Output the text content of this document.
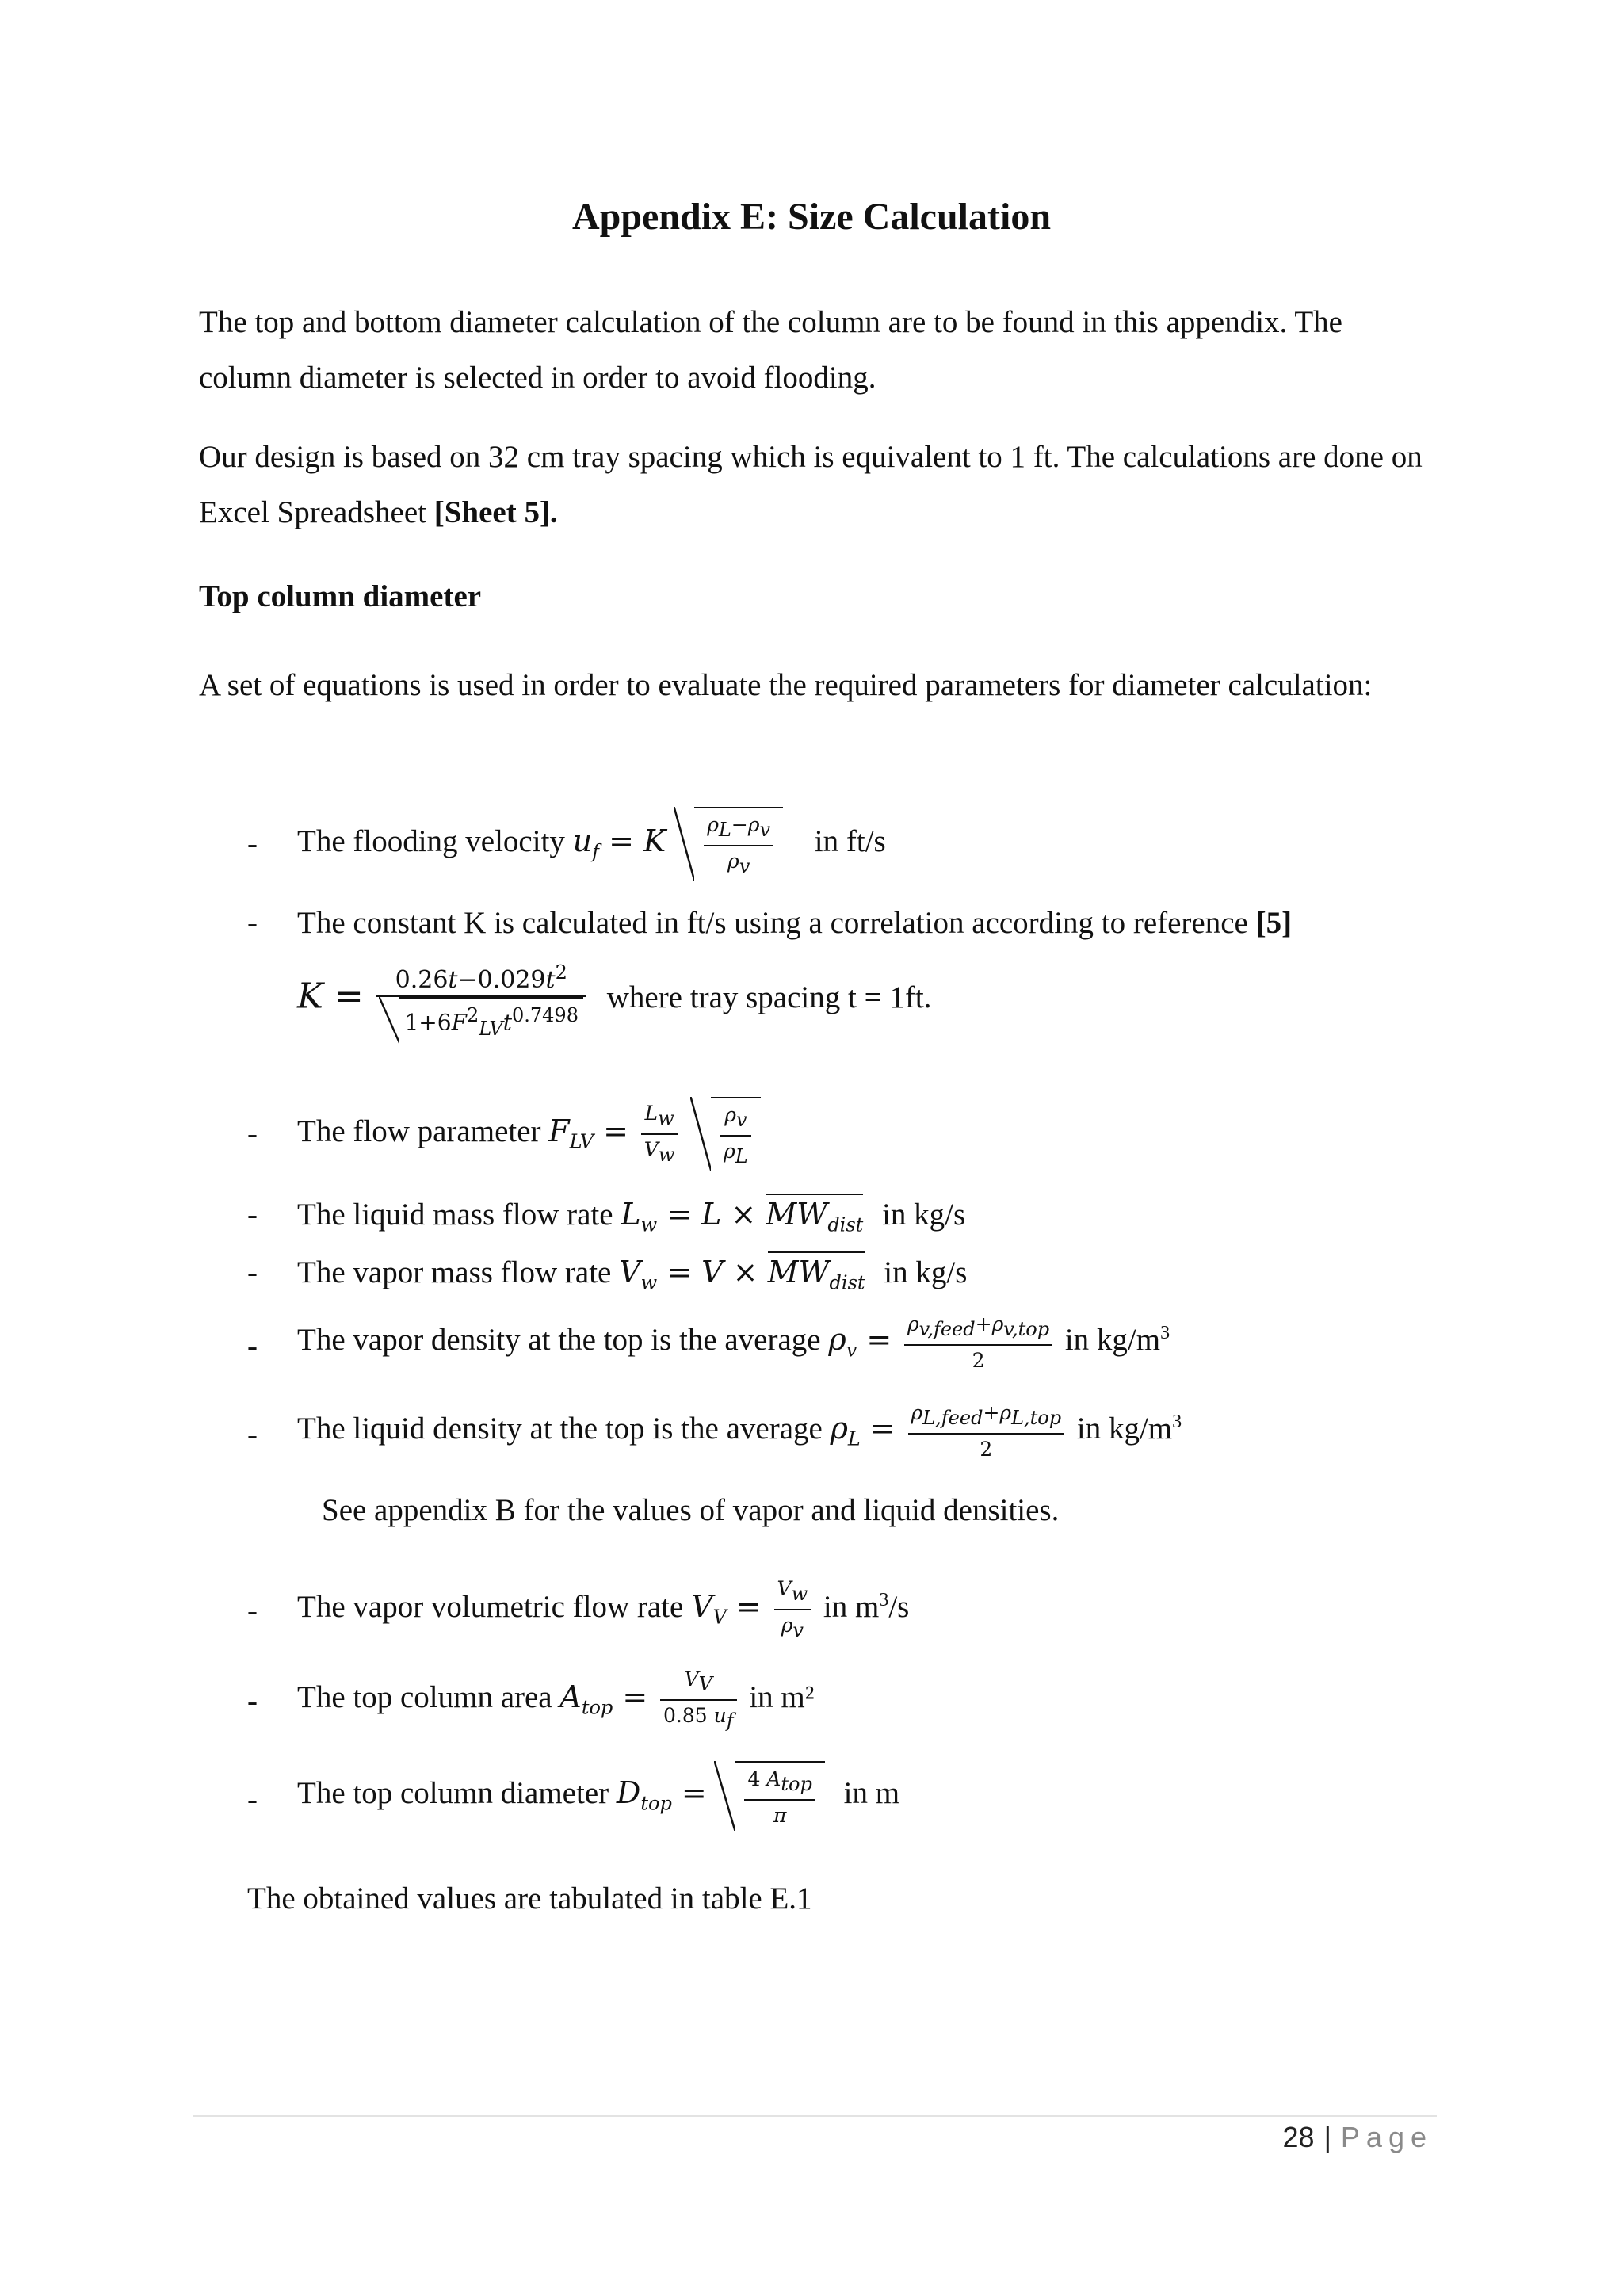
Appendix E: Size Calculation
The top and bottom diameter calculation of the column are to be found in this appendix. The column diameter is selected in order to avoid flooding.
Our design is based on 32 cm tray spacing which is equivalent to 1 ft. The calculations are done on Excel Spreadsheet [Sheet 5].
Top column diameter
A set of equations is used in order to evaluate the required parameters for diameter calculation:
- The flooding velocity $u_f = K \frac{\rho_L-\rho_v}{\rho_v}$ in ft/s
- The constant K is calculated in ft/s using a correlation according to reference [5]
$K = \frac{0.26t-0.029t^2}{1+6F^2_{LV}t^{0.7498}}$ where tray spacing t = 1ft.
- The flow parameter $F_{LV} = \frac{L_w}{V_w}$
$\frac{\rho_v}{\rho_L}$
- The liquid mass flow rate $L_w = L \times MW_{dist}$ in kg/s
- The vapor mass flow rate $V_w = V \times MW_{dist}$ in kg/s
- The vapor density at the top is the average $\rho_v = \frac{\rho_{v,feed}+\rho_{v,top}}{2}$ in $kg/m^3$
- The liquid density at the top is the average $\rho_L = \frac{\rho_{L,feed}+\rho_{L,top}}{2}$ in $kg/m^3$
See appendix B for the values of vapor and liquid densities.
- The vapor volumetric flow rate $V_V = \frac{V_w}{\rho_v}$ in $m^3/s$
- The top column area $A_{top} = \frac{V_V}{0.85 u_f}$ in m²
- The top column diameter $D_{top} = \frac{4 A_{top}}{\pi}$ in m
The obtained values are tabulated in table E.1
28 | Page
